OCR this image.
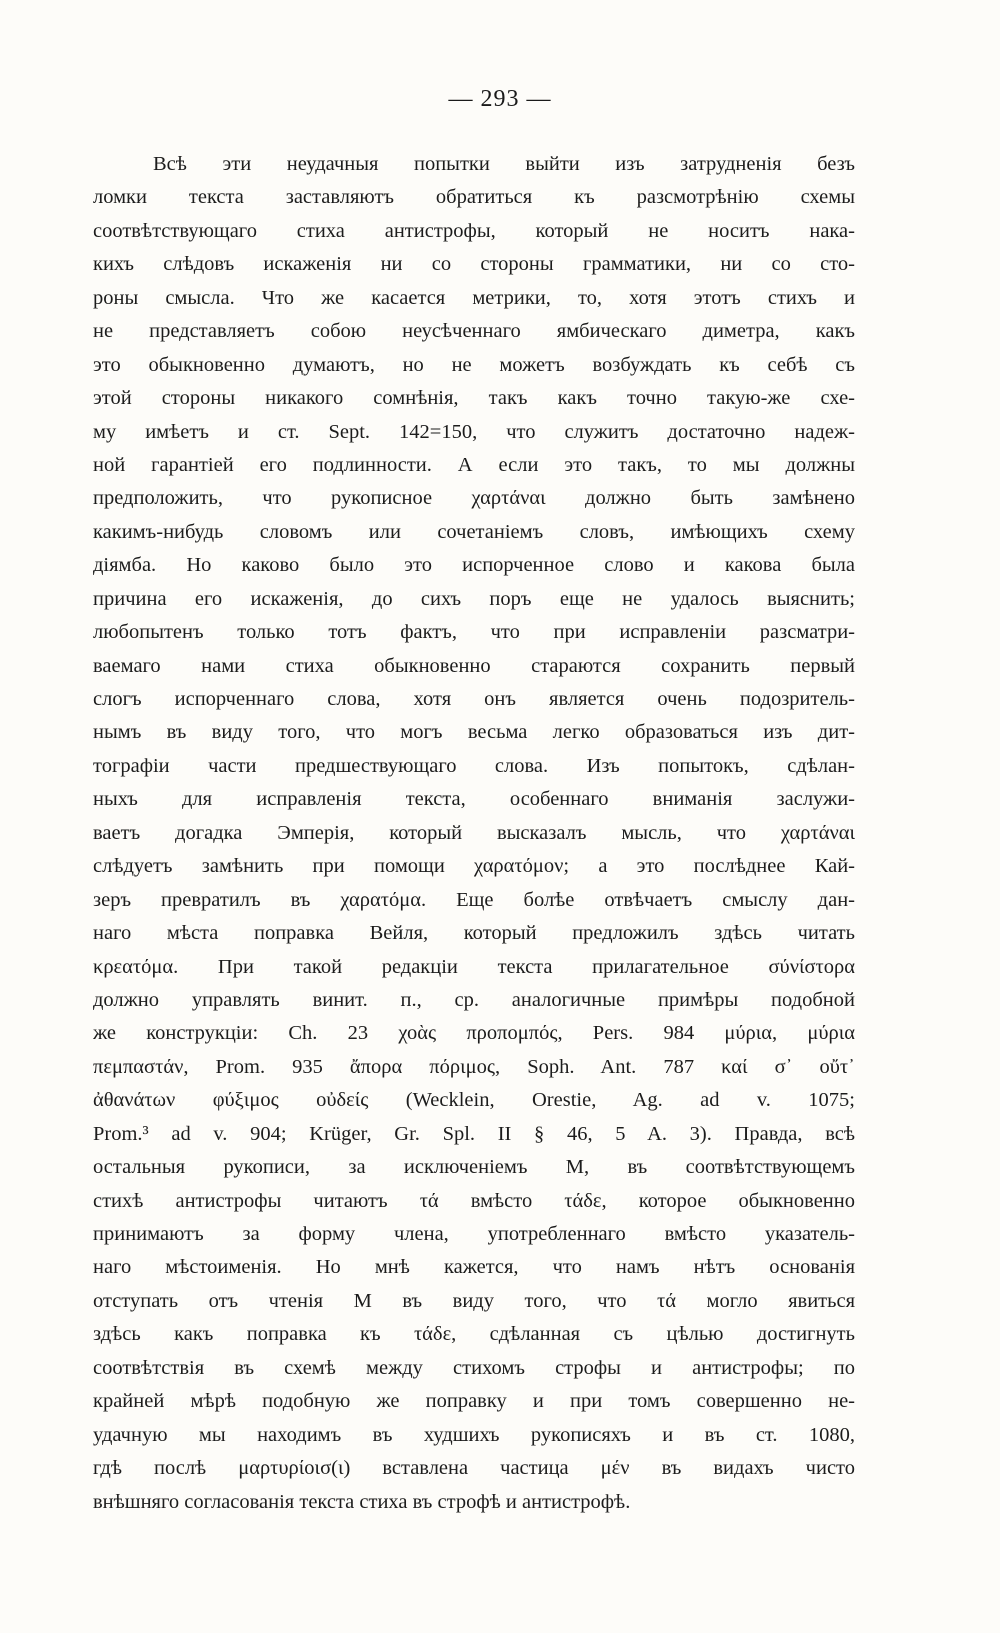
— 293 —
Всѣ эти неудачныя попытки выйти изъ затрудненія безъ
ломки текста заставляютъ обратиться къ разсмотрѣнію схемы
соотвѣтствующаго стиха антистрофы, который не носитъ нака-
кихъ слѣдовъ искаженія ни со стороны грамматики, ни со сто-
роны смысла. Что же касается метрики, то, хотя этотъ стихъ и
не представляетъ собою неусѣченнаго ямбическаго диметра, какъ
это обыкновенно думаютъ, но не можетъ возбуждать къ себѣ съ
этой стороны никакого сомнѣнія, такъ какъ точно такую-же схе-
му имѣетъ и ст. Sept. 142=150, что служитъ достаточно надеж-
ной гарантіей его подлинности. А если это такъ, то мы должны
предположить, что рукописное χαρτάναι должно быть замѣнено
какимъ-нибудь словомъ или сочетаніемъ словъ, имѣющихъ схему
діямба. Но каково было это испорченное слово и какова была
причина его искаженія, до сихъ поръ еще не удалось выяснить;
любопытенъ только тотъ фактъ, что при исправленіи разсматри-
ваемаго нами стиха обыкновенно стараются сохранить первый
слогъ испорченнаго слова, хотя онъ является очень подозритель-
нымъ въ виду того, что могъ весьма легко образоваться изъ дит-
тографіи части предшествующаго слова. Изъ попытокъ, сдѣлан-
ныхъ для исправленія текста, особеннаго вниманія заслужи-
ваетъ догадка Эмперія, который высказалъ мысль, что χαρτάναι
слѣдуетъ замѣнить при помощи χαρατόμον; а это послѣднее Кай-
зеръ превратилъ въ χαρατόμα. Еще болѣе отвѣчаетъ смыслу дан-
наго мѣста поправка Вейля, который предложилъ здѣсь читать
κρεατόμα. При такой редакціи текста прилагательное σύνίστορα
должно управлять винит. п., ср. аналогичные примѣры подобной
же конструкціи: Ch. 23 χοὰς προπομπός, Pers. 984 μύρια, μύρια
πεμπαστάν, Prom. 935 ἄπορα πόριμος, Soph. Ant. 787 καί σ᾽ οὔτ᾽
ἀθανάτων φύξιμος οὐδείς (Wecklein, Orestie, Ag. ad v. 1075;
Prom.³ ad v. 904; Krüger, Gr. Spl. II § 46, 5 A. 3). Правда, всѣ
остальныя рукописи, за исключеніемъ M, въ соотвѣтствующемъ
стихѣ антистрофы читаютъ τά вмѣсто τάδε, которое обыкновенно
принимаютъ за форму члена, употребленнаго вмѣсто указатель-
наго мѣстоименія. Но мнѣ кажется, что намъ нѣтъ основанія
отступать отъ чтенія M въ виду того, что τά могло явиться
здѣсь какъ поправка къ τάδε, сдѣланная съ цѣлью достигнуть
соотвѣтствія въ схемѣ между стихомъ строфы и антистрофы; по
крайней мѣрѣ подобную же поправку и при томъ совершенно не-
удачную мы находимъ въ худшихъ рукописяхъ и въ ст. 1080,
гдѣ послѣ μαρτυρίοισ(ι) вставлена частица μέν въ видахъ чисто
внѣшняго согласованія текста стиха въ строфѣ и антистрофѣ.
